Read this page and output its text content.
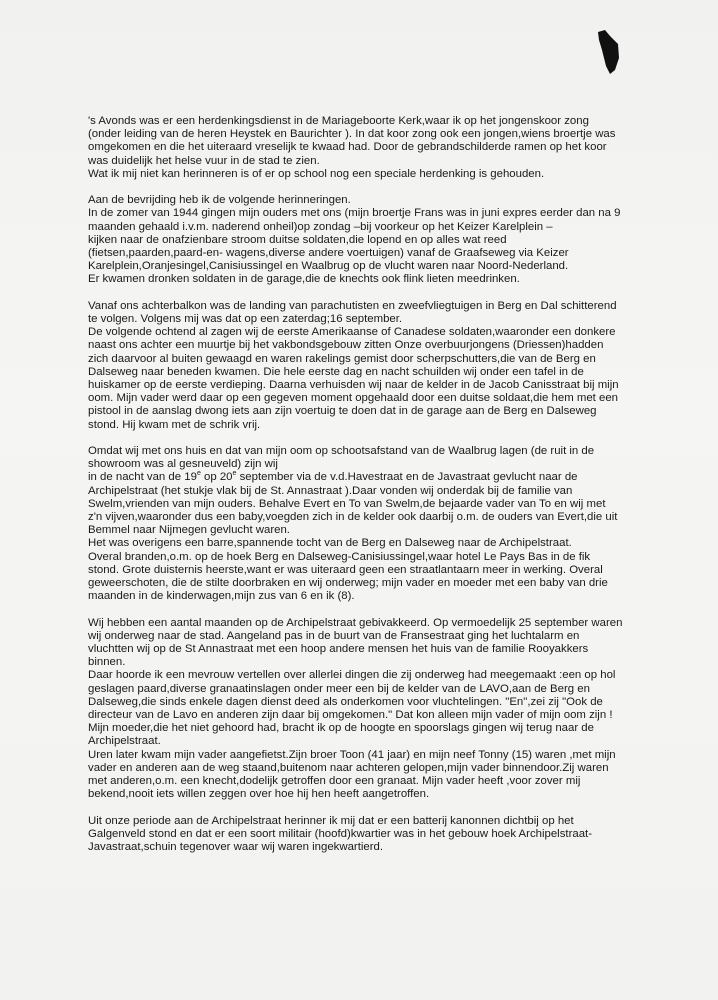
's Avonds was er een herdenkingsdienst in de Mariageboorte Kerk,waar ik op het jongenskoor zong
(onder leiding van de heren Heystek en Baurichter ). In dat koor zong ook een jongen,wiens broertje was
omgekomen en die het uiteraard vreselijk te kwaad had. Door de gebrandschilderde ramen op het koor
was duidelijk het helse vuur in de stad te zien.
Wat ik mij niet kan herinneren is of er op school nog een speciale herdenking is gehouden.
Aan de bevrijding heb ik de volgende herinneringen.
In de zomer van 1944 gingen mijn ouders met ons (mijn broertje Frans was in juni expres eerder dan na 9
maanden gehaald i.v.m. naderend onheil)op zondag –bij voorkeur op het Keizer Karelplein –
kijken naar de onafzienbare stroom duitse soldaten,die lopend en op alles wat reed
(fietsen,paarden,paard-en- wagens,diverse andere voertuigen) vanaf de Graafseweg via Keizer
Karelplein,Oranjesingel,Canisiussingel en Waalbrug op de vlucht waren naar Noord-Nederland.
Er kwamen dronken soldaten in de garage,die de knechts ook flink lieten meedrinken.
Vanaf ons achterbalkon was de landing van parachutisten en zweefvliegtuigen in Berg en Dal schitterend
te volgen. Volgens mij was dat op een zaterdag;16 september.
De volgende ochtend al zagen wij de eerste Amerikaanse of Canadese soldaten,waaronder een donkere
naast ons achter een muurtje bij het vakbondsgebouw zitten Onze overbuurjongens (Driessen)hadden
zich daarvoor al buiten gewaagd en waren rakelings gemist door scherpschutters,die van de Berg en
Dalseweg naar beneden kwamen. Die hele eerste dag en nacht schuilden wij onder een tafel in de
huiskamer op de eerste verdieping. Daarna verhuisden wij naar de kelder in de Jacob Canisstraat bij mijn
oom. Mijn vader werd daar op een gegeven moment opgehaald door een duitse soldaat,die hem met een
pistool in de aanslag dwong iets aan zijn voertuig te doen dat in de garage aan de Berg en Dalseweg
stond. Hij kwam met de schrik vrij.
Omdat wij met ons huis en dat van mijn oom op schootsafstand van de Waalbrug lagen (de ruit in de
showroom was al gesneuveld) zijn wij
in de nacht van de 19e op 20e september via de v.d.Havestraat en de Javastraat gevlucht naar de
Archipelstraat (het stukje vlak bij de St. Annastraat ).Daar vonden wij onderdak bij de familie van
Swelm,vrienden van mijn ouders. Behalve Evert en To van Swelm,de bejaarde vader van To en wij met
z'n vijven,waaronder dus een baby,voegden zich in de kelder ook daarbij o.m. de ouders van Evert,die uit
Bemmel naar Nijmegen gevlucht waren.
Het was overigens een barre,spannende tocht van de Berg en Dalseweg naar de Archipelstraat.
Overal branden,o.m. op de hoek Berg en Dalseweg-Canisiussingel,waar hotel Le Pays Bas in de fik
stond. Grote duisternis heerste,want er was uiteraard geen een straatlantaarn meer in werking. Overal
geweerschoten, die de stilte doorbraken en wij onderweg; mijn vader en moeder met een baby van drie
maanden in de kinderwagen,mijn zus van 6 en ik (8).
Wij hebben een aantal maanden op de Archipelstraat gebivakkeerd. Op vermoedelijk 25 september waren
wij onderweg naar de stad. Aangeland pas in de buurt van de Fransestraat ging het luchtalarm en
vluchtten wij op de St Annastraat met een hoop andere mensen het huis van de familie Rooyakkers
binnen.
Daar hoorde ik een mevrouw vertellen over allerlei dingen die zij onderweg had meegemaakt :een op hol
geslagen paard,diverse granaatinslagen onder meer een bij de kelder van de LAVO,aan de Berg en
Dalseweg,die sinds enkele dagen dienst deed als onderkomen voor vluchtelingen. "En",zei zij "Ook de
directeur van de Lavo en anderen zijn daar bij omgekomen." Dat kon alleen mijn vader of mijn oom zijn !
Mijn moeder,die het niet gehoord had, bracht ik op de hoogte en spoorslags gingen wij terug naar de
Archipelstraat.
Uren later kwam mijn vader aangefietst.Zijn broer Toon (41 jaar) en mijn neef Tonny (15) waren ,met mijn
vader en anderen aan de weg staand,buitenom naar achteren gelopen,mijn vader binnendoor.Zij waren
met anderen,o.m. een knecht,dodelijk getroffen door een granaat. Mijn vader heeft ,voor zover mij
bekend,nooit iets willen zeggen over hoe hij hen heeft aangetroffen.
Uit onze periode aan de Archipelstraat herinner ik mij dat er een batterij kanonnen dichtbij op het
Galgenveld stond en dat er een soort militair (hoofd)kwartier was in het gebouw hoek Archipelstraat-
Javastraat,schuin tegenover waar wij waren ingekwartierd.
